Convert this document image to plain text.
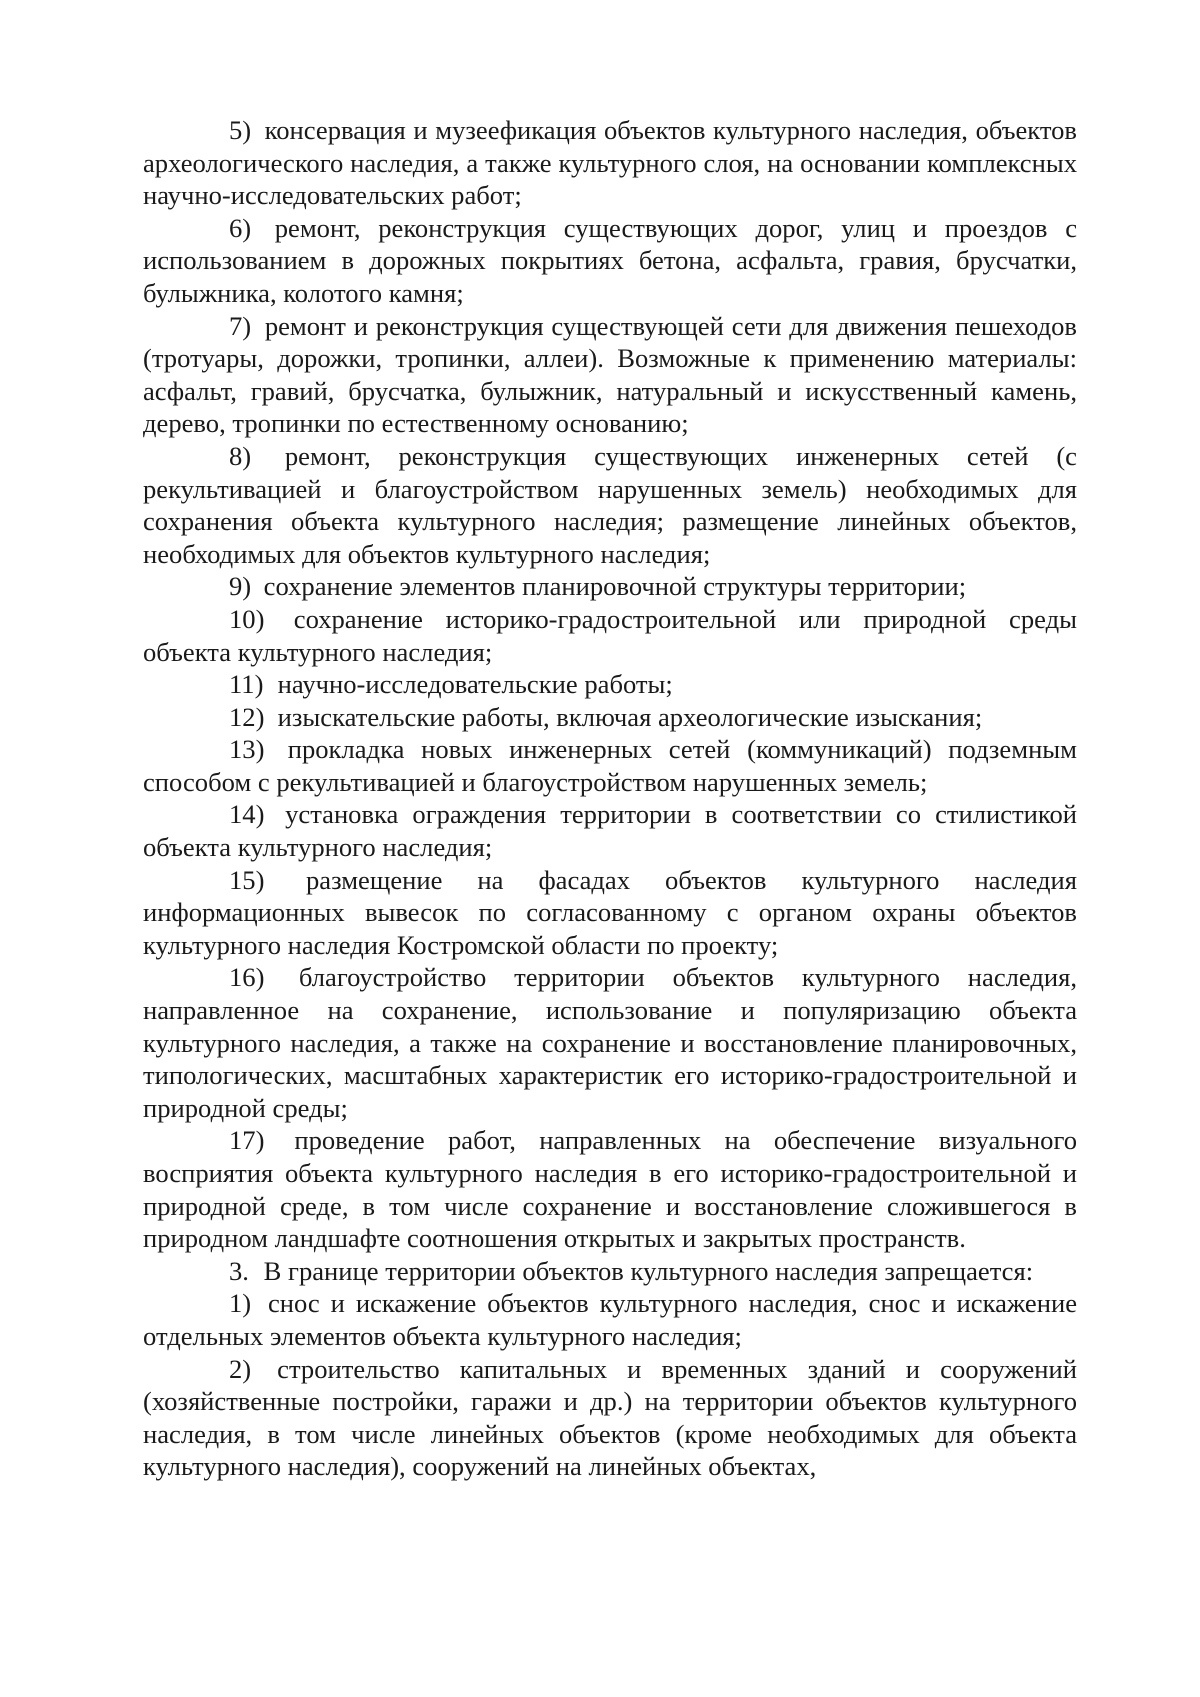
5) консервация и музеефикация объектов культурного наследия, объектов археологического наследия, а также культурного слоя, на основании комплексных научно-исследовательских работ;

6) ремонт, реконструкция существующих дорог, улиц и проездов с использованием в дорожных покрытиях бетона, асфальта, гравия, брусчатки, булыжника, колотого камня;

7) ремонт и реконструкция существующей сети для движения пешеходов (тротуары, дорожки, тропинки, аллеи). Возможные к применению материалы: асфальт, гравий, брусчатка, булыжник, натуральный и искусственный камень, дерево, тропинки по естественному основанию;

8) ремонт, реконструкция существующих инженерных сетей (с рекультивацией и благоустройством нарушенных земель) необходимых для сохранения объекта культурного наследия; размещение линейных объектов, необходимых для объектов культурного наследия;

9) сохранение элементов планировочной структуры территории;

10) сохранение историко-градостроительной или природной среды объекта культурного наследия;

11) научно-исследовательские работы;

12) изыскательские работы, включая археологические изыскания;

13) прокладка новых инженерных сетей (коммуникаций) подземным способом с рекультивацией и благоустройством нарушенных земель;

14) установка ограждения территории в соответствии со стилистикой объекта культурного наследия;

15) размещение на фасадах объектов культурного наследия информационных вывесок по согласованному с органом охраны объектов культурного наследия Костромской области по проекту;

16) благоустройство территории объектов культурного наследия, направленное на сохранение, использование и популяризацию объекта культурного наследия, а также на сохранение и восстановление планировочных, типологических, масштабных характеристик его историко-градостроительной и природной среды;

17) проведение работ, направленных на обеспечение визуального восприятия объекта культурного наследия в его историко-градостроительной и природной среде, в том числе сохранение и восстановление сложившегося в природном ландшафте соотношения открытых и закрытых пространств.

3. В границе территории объектов культурного наследия запрещается:

1) снос и искажение объектов культурного наследия, снос и искажение отдельных элементов объекта культурного наследия;

2) строительство капитальных и временных зданий и сооружений (хозяйственные постройки, гаражи и др.) на территории объектов культурного наследия, в том числе линейных объектов (кроме необходимых для объекта культурного наследия), сооружений на линейных объектах,
